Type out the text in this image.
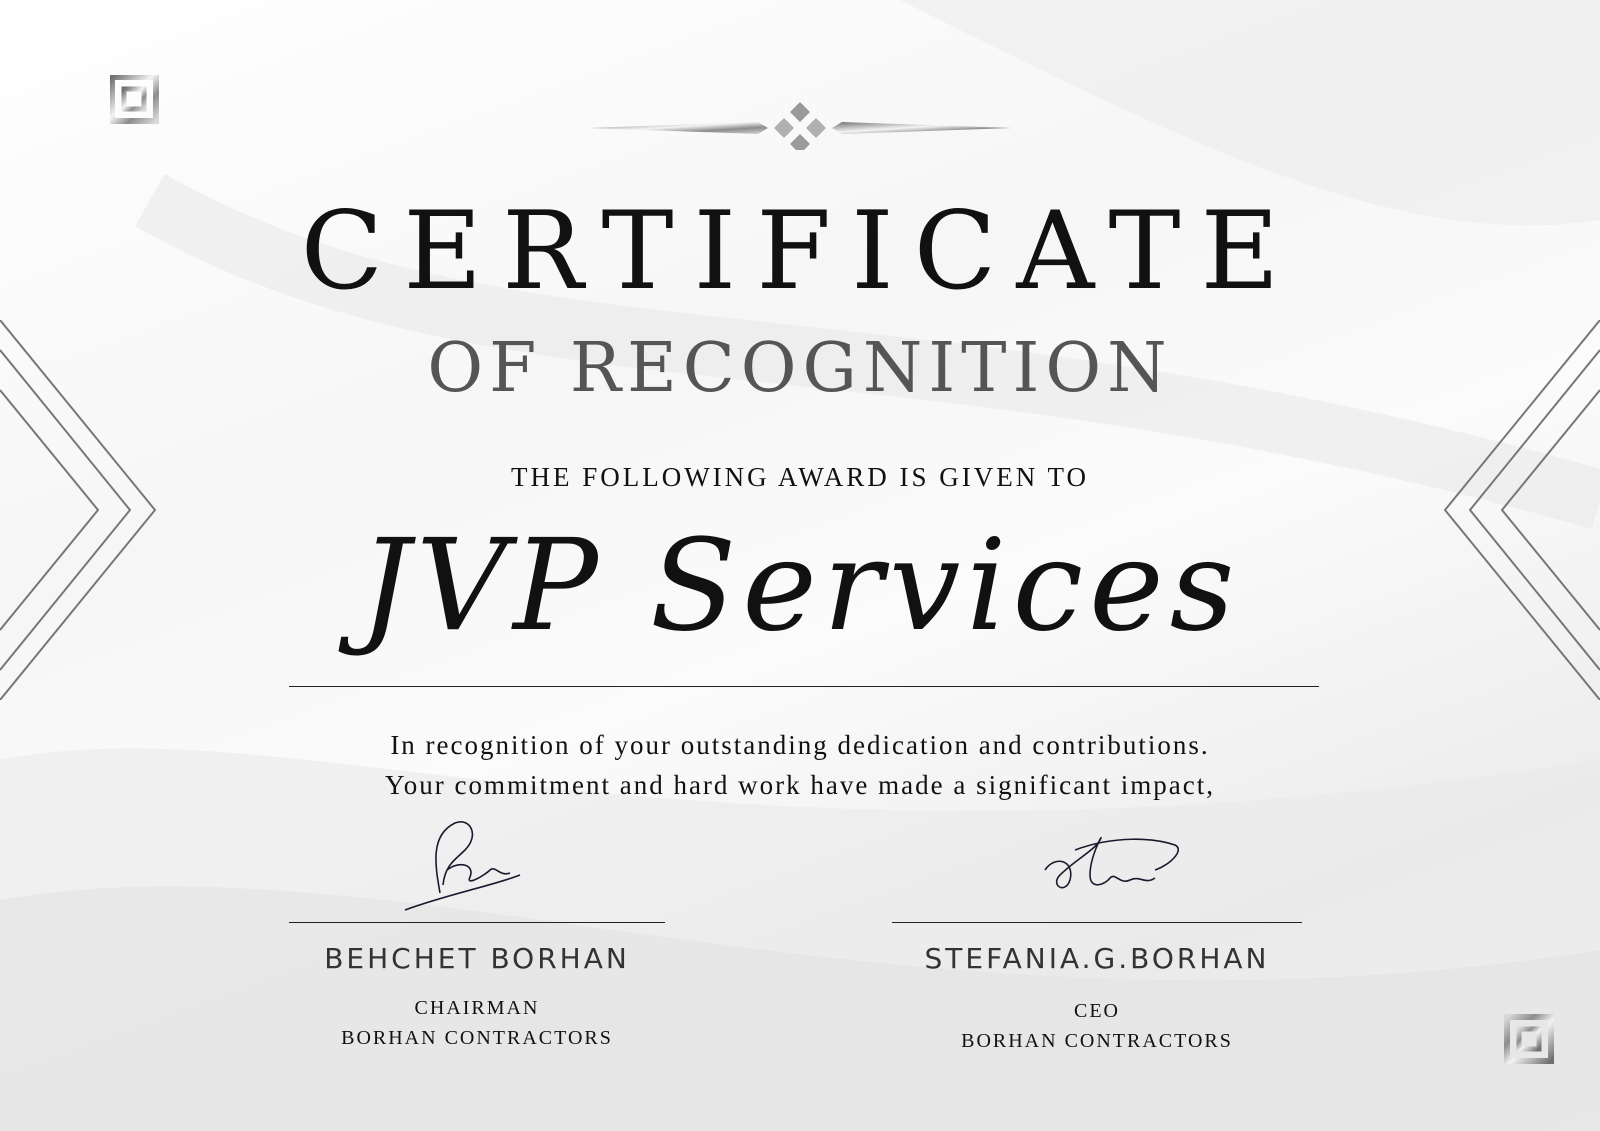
CERTIFICATE
OF RECOGNITION
THE FOLLOWING AWARD IS GIVEN TO
JVP Services
In recognition of your outstanding dedication and contributions.
Your commitment and hard work have made a significant impact,
BEHCHET BORHAN
CHAIRMAN
BORHAN CONTRACTORS
STEFANIA.G.BORHAN
CEO
BORHAN CONTRACTORS
